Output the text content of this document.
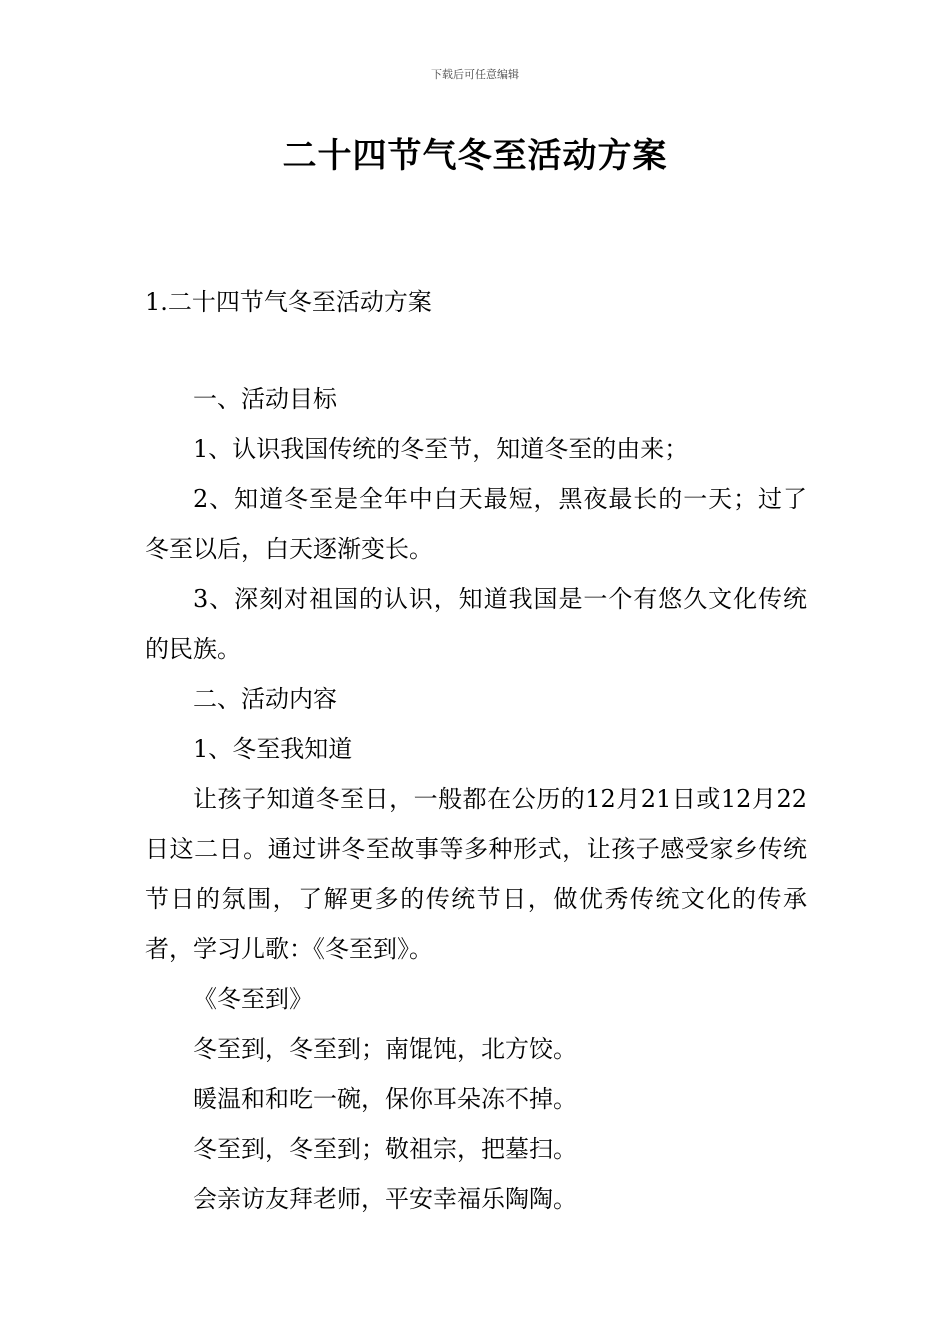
下载后可任意编辑
二十四节气冬至活动方案
1.二十四节气冬至活动方案

一、活动目标

1、认识我国传统的冬至节，知道冬至的由来；

2、知道冬至是全年中白天最短，黑夜最长的一天；过了冬至以后，白天逐渐变长。

3、深刻对祖国的认识，知道我国是一个有悠久文化传统的民族。

二、活动内容

1、冬至我知道

让孩子知道冬至日，一般都在公历的12月21日或12月22日这二日。通过讲冬至故事等多种形式，让孩子感受家乡传统节日的氛围，了解更多的传统节日，做优秀传统文化的传承者，学习儿歌：《冬至到》。

《冬至到》

冬至到，冬至到；南馄饨，北方饺。

暖温和和吃一碗，保你耳朵冻不掉。

冬至到，冬至到；敬祖宗，把墓扫。

会亲访友拜老师，平安幸福乐陶陶。
